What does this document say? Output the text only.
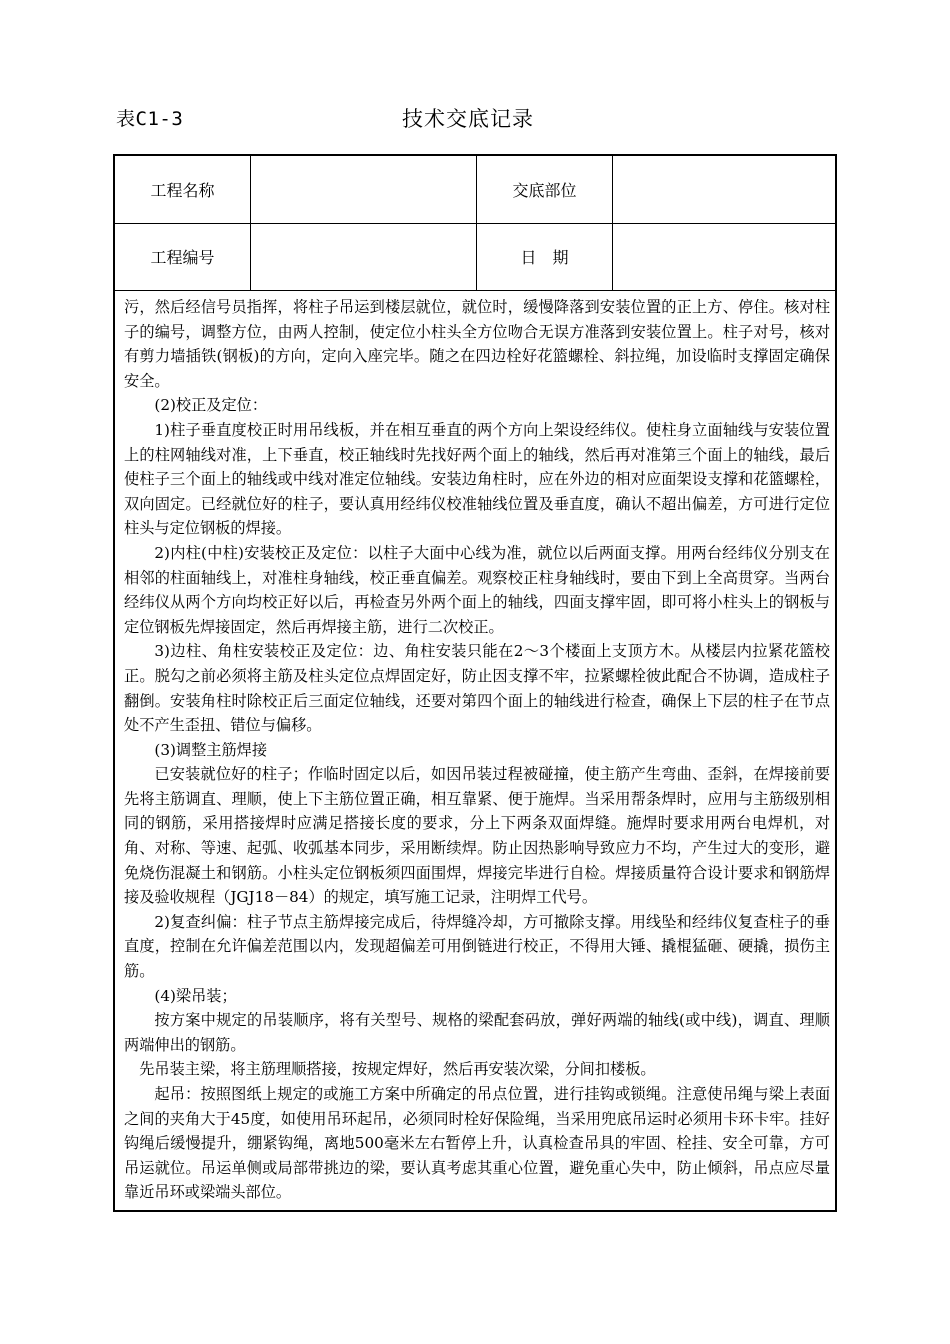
表C1-3	技术交底记录
工程名称	交底部位
工程编号	日　期

污，然后经信号员指挥，将柱子吊运到楼层就位，就位时，缓慢降落到安装位置的正上方、停住。核对柱子的编号，调整方位，由两人控制，使定位小柱头全方位吻合无误方准落到安装位置上。柱子对号，核对有剪力墙插铁(钢板)的方向，定向入座完毕。随之在四边栓好花篮螺栓、斜拉绳，加设临时支撑固定确保安全。

(2)校正及定位：

1)柱子垂直度校正时用吊线板，并在相互垂直的两个方向上架设经纬仪。使柱身立面轴线与安装位置上的柱网轴线对准，上下垂直，校正轴线时先找好两个面上的轴线，然后再对准第三个面上的轴线，最后使柱子三个面上的轴线或中线对准定位轴线。安装边角柱时，应在外边的相对应面架设支撑和花篮螺栓，双向固定。已经就位好的柱子，要认真用经纬仪校准轴线位置及垂直度，确认不超出偏差，方可进行定位柱头与定位钢板的焊接。

2)内柱(中柱)安装校正及定位：以柱子大面中心线为准，就位以后两面支撑。用两台经纬仪分别支在相邻的柱面轴线上，对准柱身轴线，校正垂直偏差。观察校正柱身轴线时，要由下到上全高贯穿。当两台经纬仪从两个方向均校正好以后，再检查另外两个面上的轴线，四面支撑牢固，即可将小柱头上的钢板与定位钢板先焊接固定，然后再焊接主筋，进行二次校正。

3)边柱、角柱安装校正及定位：边、角柱安装只能在2～3个楼面上支顶方木。从楼层内拉紧花篮校正。脱勾之前必须将主筋及柱头定位点焊固定好，防止因支撑不牢，拉紧螺栓彼此配合不协调，造成柱子翻倒。安装角柱时除校正后三面定位轴线，还要对第四个面上的轴线进行检查，确保上下层的柱子在节点处不产生歪扭、错位与偏移。

(3)调整主筋焊接

已安装就位好的柱子；作临时固定以后，如因吊装过程被碰撞，使主筋产生弯曲、歪斜，在焊接前要先将主筋调直、理顺，使上下主筋位置正确，相互靠紧、便于施焊。当采用帮条焊时，应用与主筋级别相同的钢筋，采用搭接焊时应满足搭接长度的要求，分上下两条双面焊缝。施焊时要求用两台电焊机，对角、对称、等速、起弧、收弧基本同步，采用断续焊。防止因热影响导致应力不均，产生过大的变形，避免烧伤混凝土和钢筋。小柱头定位钢板须四面围焊，焊接完毕进行自检。焊接质量符合设计要求和钢筋焊接及验收规程（JGJ18－84）的规定，填写施工记录，注明焊工代号。

2)复查纠偏：柱子节点主筋焊接完成后，待焊缝冷却，方可撤除支撑。用线坠和经纬仪复查柱子的垂直度，控制在允许偏差范围以内，发现超偏差可用倒链进行校正，不得用大锤、撬棍猛砸、硬撬，损伤主筋。

(4)梁吊装；

按方案中规定的吊装顺序，将有关型号、规格的梁配套码放，弹好两端的轴线(或中线)，调直、理顺两端伸出的钢筋。

先吊装主梁，将主筋理顺搭接，按规定焊好，然后再安装次梁，分间扣楼板。

起吊：按照图纸上规定的或施工方案中所确定的吊点位置，进行挂钩或锁绳。注意使吊绳与梁上表面之间的夹角大于45度，如使用吊环起吊，必须同时栓好保险绳，当采用兜底吊运时必须用卡环卡牢。挂好钩绳后缓慢提升，绷紧钩绳，离地500毫米左右暂停上升，认真检查吊具的牢固、栓挂、安全可靠，方可吊运就位。吊运单侧或局部带挑边的梁，要认真考虑其重心位置，避免重心失中，防止倾斜，吊点应尽量靠近吊环或梁端头部位。
